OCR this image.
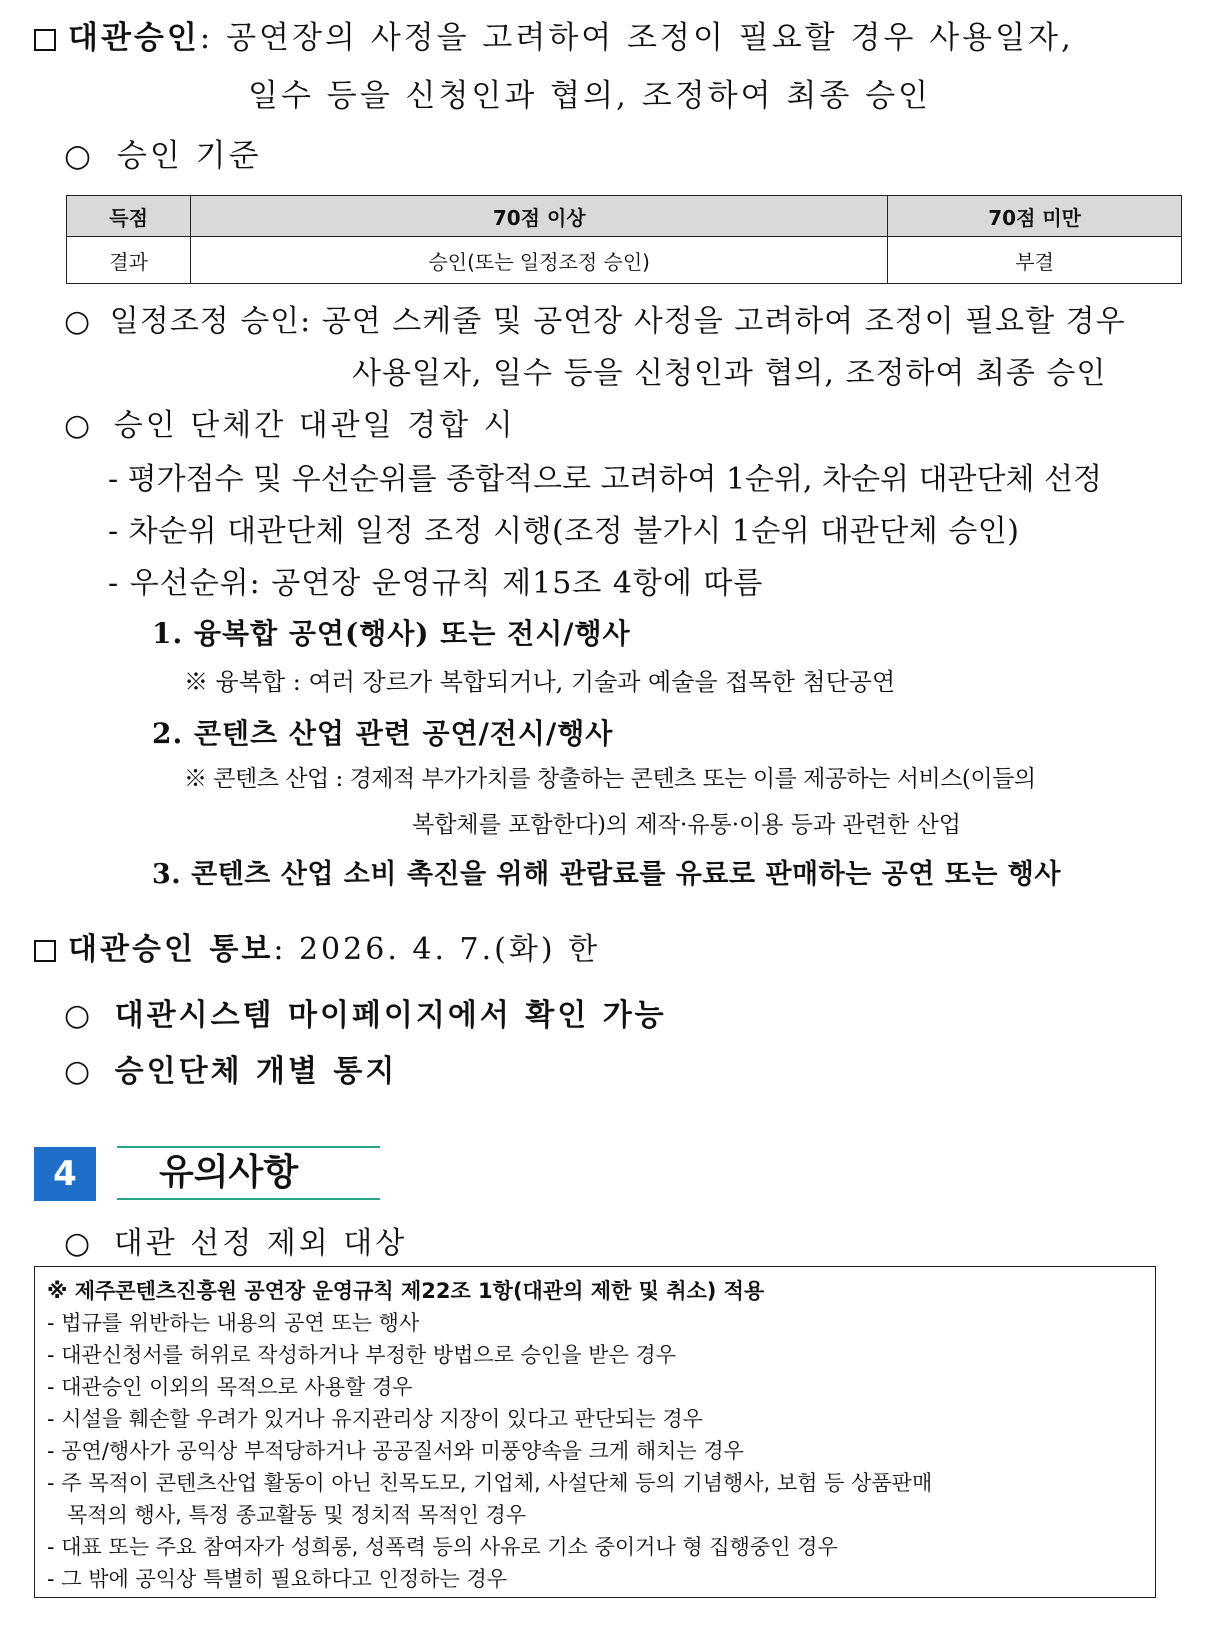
대관승인: 공연장의 사정을 고려하여 조정이 필요할 경우 사용일자,
일수 등을 신청인과 협의, 조정하여 최종 승인
○ 승인 기준
득점	70점 이상	70점 미만
결과	승인(또는 일정조정 승인)	부결
○ 일정조정 승인: 공연 스케줄 및 공연장 사정을 고려하여 조정이 필요할 경우
사용일자, 일수 등을 신청인과 협의, 조정하여 최종 승인
○ 승인 단체간 대관일 경합 시
- 평가점수 및 우선순위를 종합적으로 고려하여 1순위, 차순위 대관단체 선정
- 차순위 대관단체 일정 조정 시행(조정 불가시 1순위 대관단체 승인)
- 우선순위: 공연장 운영규칙 제15조 4항에 따름
1. 융복합 공연(행사) 또는 전시/행사
※ 융복합 : 여러 장르가 복합되거나, 기술과 예술을 접목한 첨단공연
2. 콘텐츠 산업 관련 공연/전시/행사
※ 콘텐츠 산업 : 경제적 부가가치를 창출하는 콘텐츠 또는 이를 제공하는 서비스(이들의
복합체를 포함한다)의 제작·유통·이용 등과 관련한 산업
3. 콘텐츠 산업 소비 촉진을 위해 관람료를 유료로 판매하는 공연 또는 행사
대관승인 통보: 2026. 4. 7.(화) 한
○ 대관시스템 마이페이지에서 확인 가능
○ 승인단체 개별 통지
4	유의사항
○ 대관 선정 제외 대상
※ 제주콘텐츠진흥원 공연장 운영규칙 제22조 1항(대관의 제한 및 취소) 적용
- 법규를 위반하는 내용의 공연 또는 행사
- 대관신청서를 허위로 작성하거나 부정한 방법으로 승인을 받은 경우
- 대관승인 이외의 목적으로 사용할 경우
- 시설을 훼손할 우려가 있거나 유지관리상 지장이 있다고 판단되는 경우
- 공연/행사가 공익상 부적당하거나 공공질서와 미풍양속을 크게 해치는 경우
- 주 목적이 콘텐츠산업 활동이 아닌 친목도모, 기업체, 사설단체 등의 기념행사, 보험 등 상품판매
목적의 행사, 특정 종교활동 및 정치적 목적인 경우
- 대표 또는 주요 참여자가 성희롱, 성폭력 등의 사유로 기소 중이거나 형 집행중인 경우
- 그 밖에 공익상 특별히 필요하다고 인정하는 경우
